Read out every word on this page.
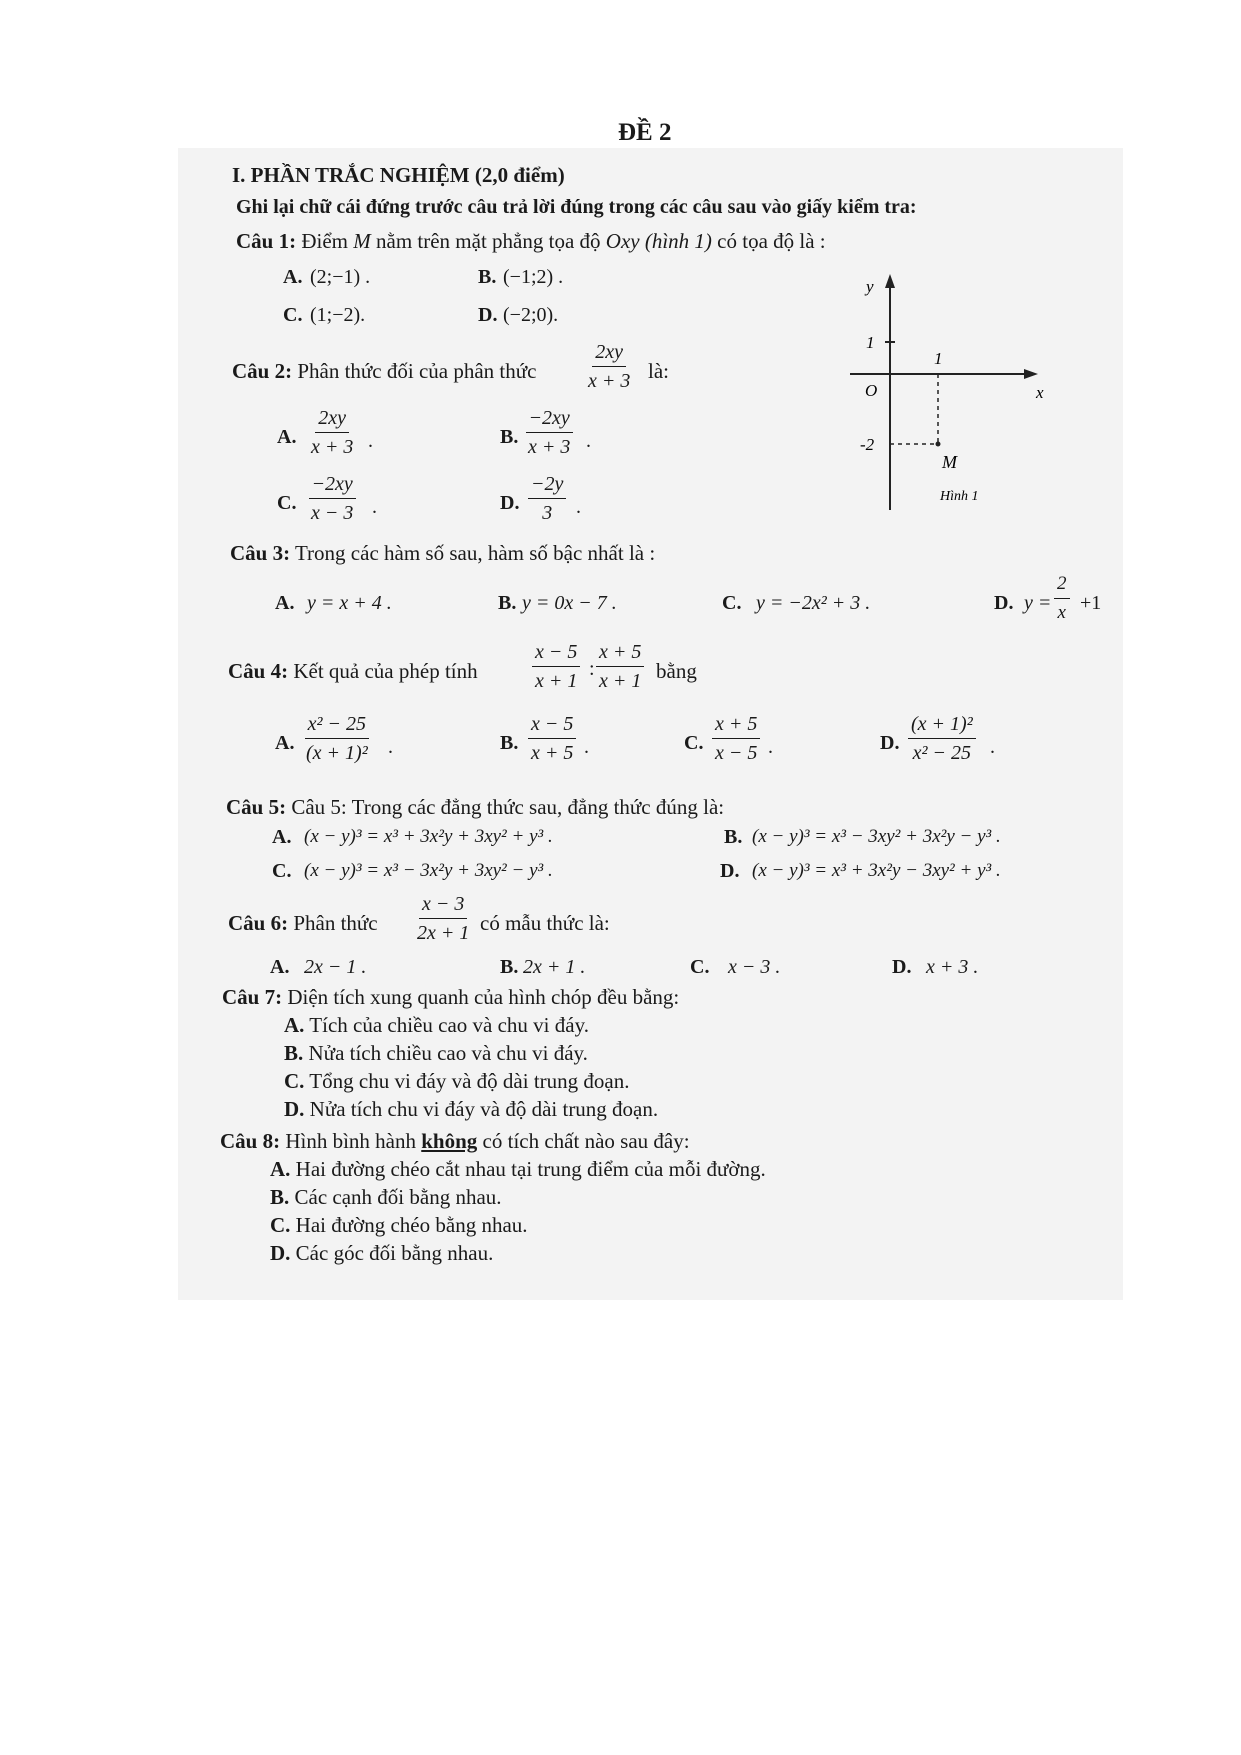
ĐỀ 2
I. PHẦN TRẮC NGHIỆM (2,0 điểm)
Ghi lại chữ cái đứng trước câu trả lời đúng trong các câu sau vào giấy kiểm tra:
Câu 1: Điểm M nằm trên mặt phẳng tọa độ Oxy (hình 1) có tọa độ là :
A. (2;−1) .	B. (−1;2) .
C. (1;−2).	D. (−2;0).
y
x
O
1
1
-2
M
Hình 1
Câu 2: Phân thức đối của phân thức $\frac{2xy}{x + 3}$ là:
A. $\frac{2xy}{x + 3}$ .	B. $\frac{-2xy}{x + 3}$ .
C. $\frac{-2xy}{x - 3}$ .	D. $\frac{-2y}{3}$ .
Câu 3: Trong các hàm số sau, hàm số bậc nhất là :
A. y = x + 4 .	B. y = 0x − 7 .	C. y = −2x² + 3 .	D. $y = \frac{2}{x} +1$
Câu 4: Kết quả của phép tính	$\frac{x - 5}{x + 1}$ : $\frac{x + 5}{x + 1}$ bằng
A. $\frac{\text{x² − 25}}{\text{(x + 1)²}}$ .	B. $\frac{x - 5}{x + 5}$ .	C. $\frac{x + 5}{x - 5}$ .	D. $\frac{\text{(x + 1)²}}{\text{x² − 25}}$ .
Câu 5: Câu 5: Trong các đẳng thức sau, đẳng thức đúng là:
A. (x − y)³ = x³ + 3x²y + 3xy² + y³ .	B. (x − y)³ = x³ − 3xy² + 3x²y − y³ .
C. (x − y)³ = x³ − 3x²y + 3xy² − y³ .	D. (x − y)³ = x³ + 3x²y − 3xy² + y³ .
Câu 6: Phân thức $\frac{x - 3}{2x + 1}$ có mẫu thức là:
A. 2x − 1 .	B. 2x + 1 .	C. x − 3 .	D. x + 3 .
Câu 7: Diện tích xung quanh của hình chóp đều bằng:
A. Tích của chiều cao và chu vi đáy.
B. Nửa tích chiều cao và chu vi đáy.
C. Tổng chu vi đáy và độ dài trung đoạn.
D. Nửa tích chu vi đáy và độ dài trung đoạn.
Câu 8: Hình bình hành không có tích chất nào sau đây:
A. Hai đường chéo cắt nhau tại trung điểm của mỗi đường.
B. Các cạnh đối bằng nhau.
C. Hai đường chéo bằng nhau.
D. Các góc đối bằng nhau.
